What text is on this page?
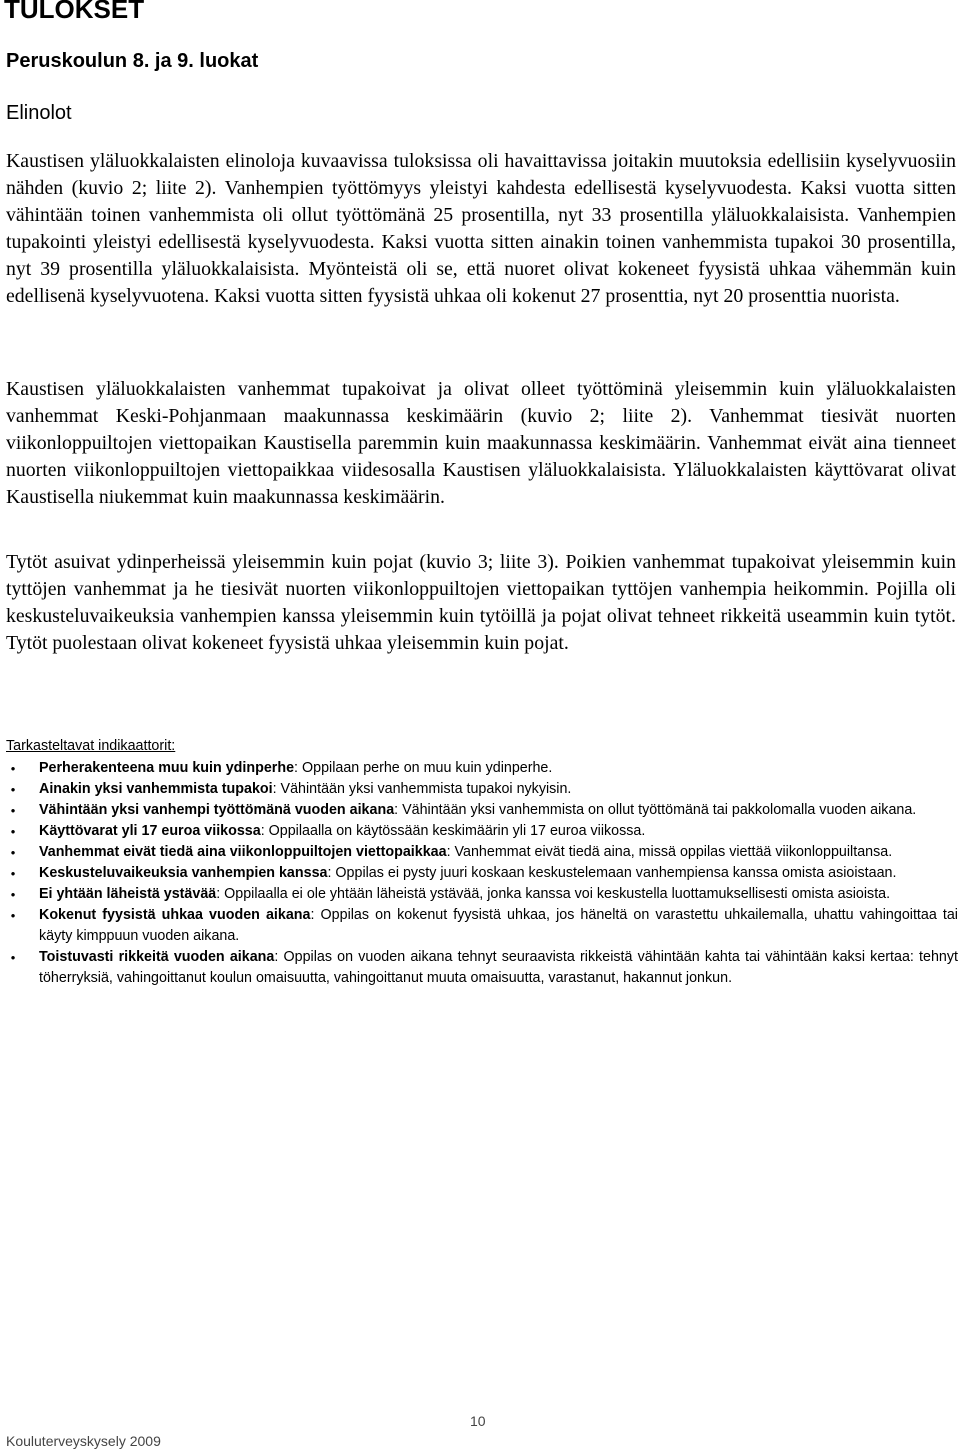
TULOKSET
Peruskoulun 8. ja 9. luokat
Elinolot

Kaustisen yläluokkalaisten elinoloja kuvaavissa tuloksissa oli havaittavissa joitakin muutoksia edellisiin kyselyvuosiin nähden (kuvio 2; liite 2). Vanhempien työttömyys yleistyi kahdesta edellisestä kyselyvuodesta. Kaksi vuotta sitten vähintään toinen vanhemmista oli ollut työttömänä 25 prosentilla, nyt 33 prosentilla yläluokkalaisista. Vanhempien tupakointi yleistyi edellisestä kyselyvuodesta. Kaksi vuotta sitten ainakin toinen vanhemmista tupakoi 30 prosentilla, nyt 39 prosentilla yläluokkalaisista. Myönteistä oli se, että nuoret olivat kokeneet fyysistä uhkaa vähemmän kuin edellisenä kyselyvuotena. Kaksi vuotta sitten fyysistä uhkaa oli kokenut 27 prosenttia, nyt 20 prosenttia nuorista.

Kaustisen yläluokkalaisten vanhemmat tupakoivat ja olivat olleet työttöminä yleisemmin kuin yläluokkalaisten vanhemmat Keski-Pohjanmaan maakunnassa keskimäärin (kuvio 2; liite 2). Vanhemmat tiesivät nuorten viikonloppuiltojen viettopaikan Kaustisella paremmin kuin maakunnassa keskimäärin. Vanhemmat eivät aina tienneet nuorten viikonloppuiltojen viettopaikkaa viidesosalla Kaustisen yläluokkalaisista. Yläluokkalaisten käyttövarat olivat Kaustisella niukemmat kuin maakunnassa keskimäärin.

Tytöt asuivat ydinperheissä yleisemmin kuin pojat (kuvio 3; liite 3). Poikien vanhemmat tupakoivat yleisemmin kuin tyttöjen vanhemmat ja he tiesivät nuorten viikonloppuiltojen viettopaikan tyttöjen vanhempia heikommin. Pojilla oli keskusteluvaikeuksia vanhempien kanssa yleisemmin kuin tytöillä ja pojat olivat tehneet rikkeitä useammin kuin tytöt. Tytöt puolestaan olivat kokeneet fyysistä uhkaa yleisemmin kuin pojat.

Tarkasteltavat indikaattorit:

• Perherakenteena muu kuin ydinperhe: Oppilaan perhe on muu kuin ydinperhe.
• Ainakin yksi vanhemmista tupakoi: Vähintään yksi vanhemmista tupakoi nykyisin.
• Vähintään yksi vanhempi työttömänä vuoden aikana: Vähintään yksi vanhemmista on ollut työttömänä tai pakkolomalla vuoden aikana.
• Käyttövarat yli 17 euroa viikossa: Oppilaalla on käytössään keskimäärin yli 17 euroa viikossa.
• Vanhemmat eivät tiedä aina viikonloppuiltojen viettopaikkaa: Vanhemmat eivät tiedä aina, missä oppilas viettää viikonloppuiltansa.
• Keskusteluvaikeuksia vanhempien kanssa: Oppilas ei pysty juuri koskaan keskustelemaan vanhempiensa kanssa omista asioistaan.
• Ei yhtään läheistä ystävää: Oppilaalla ei ole yhtään läheistä ystävää, jonka kanssa voi keskustella luottamuksellisesti omista asioista.
• Kokenut fyysistä uhkaa vuoden aikana: Oppilas on kokenut fyysistä uhkaa, jos häneltä on varastettu uhkailemalla, uhattu vahingoittaa tai käyty kimppuun vuoden aikana.
• Toistuvasti rikkeitä vuoden aikana: Oppilas on vuoden aikana tehnyt seuraavista rikkeistä vähintään kahta tai vähintään kaksi kertaa: tehnyt töherryksiä, vahingoittanut koulun omaisuutta, vahingoittanut muuta omaisuutta, varastanut, hakannut jonkun.
10
Kouluterveyskysely 2009
